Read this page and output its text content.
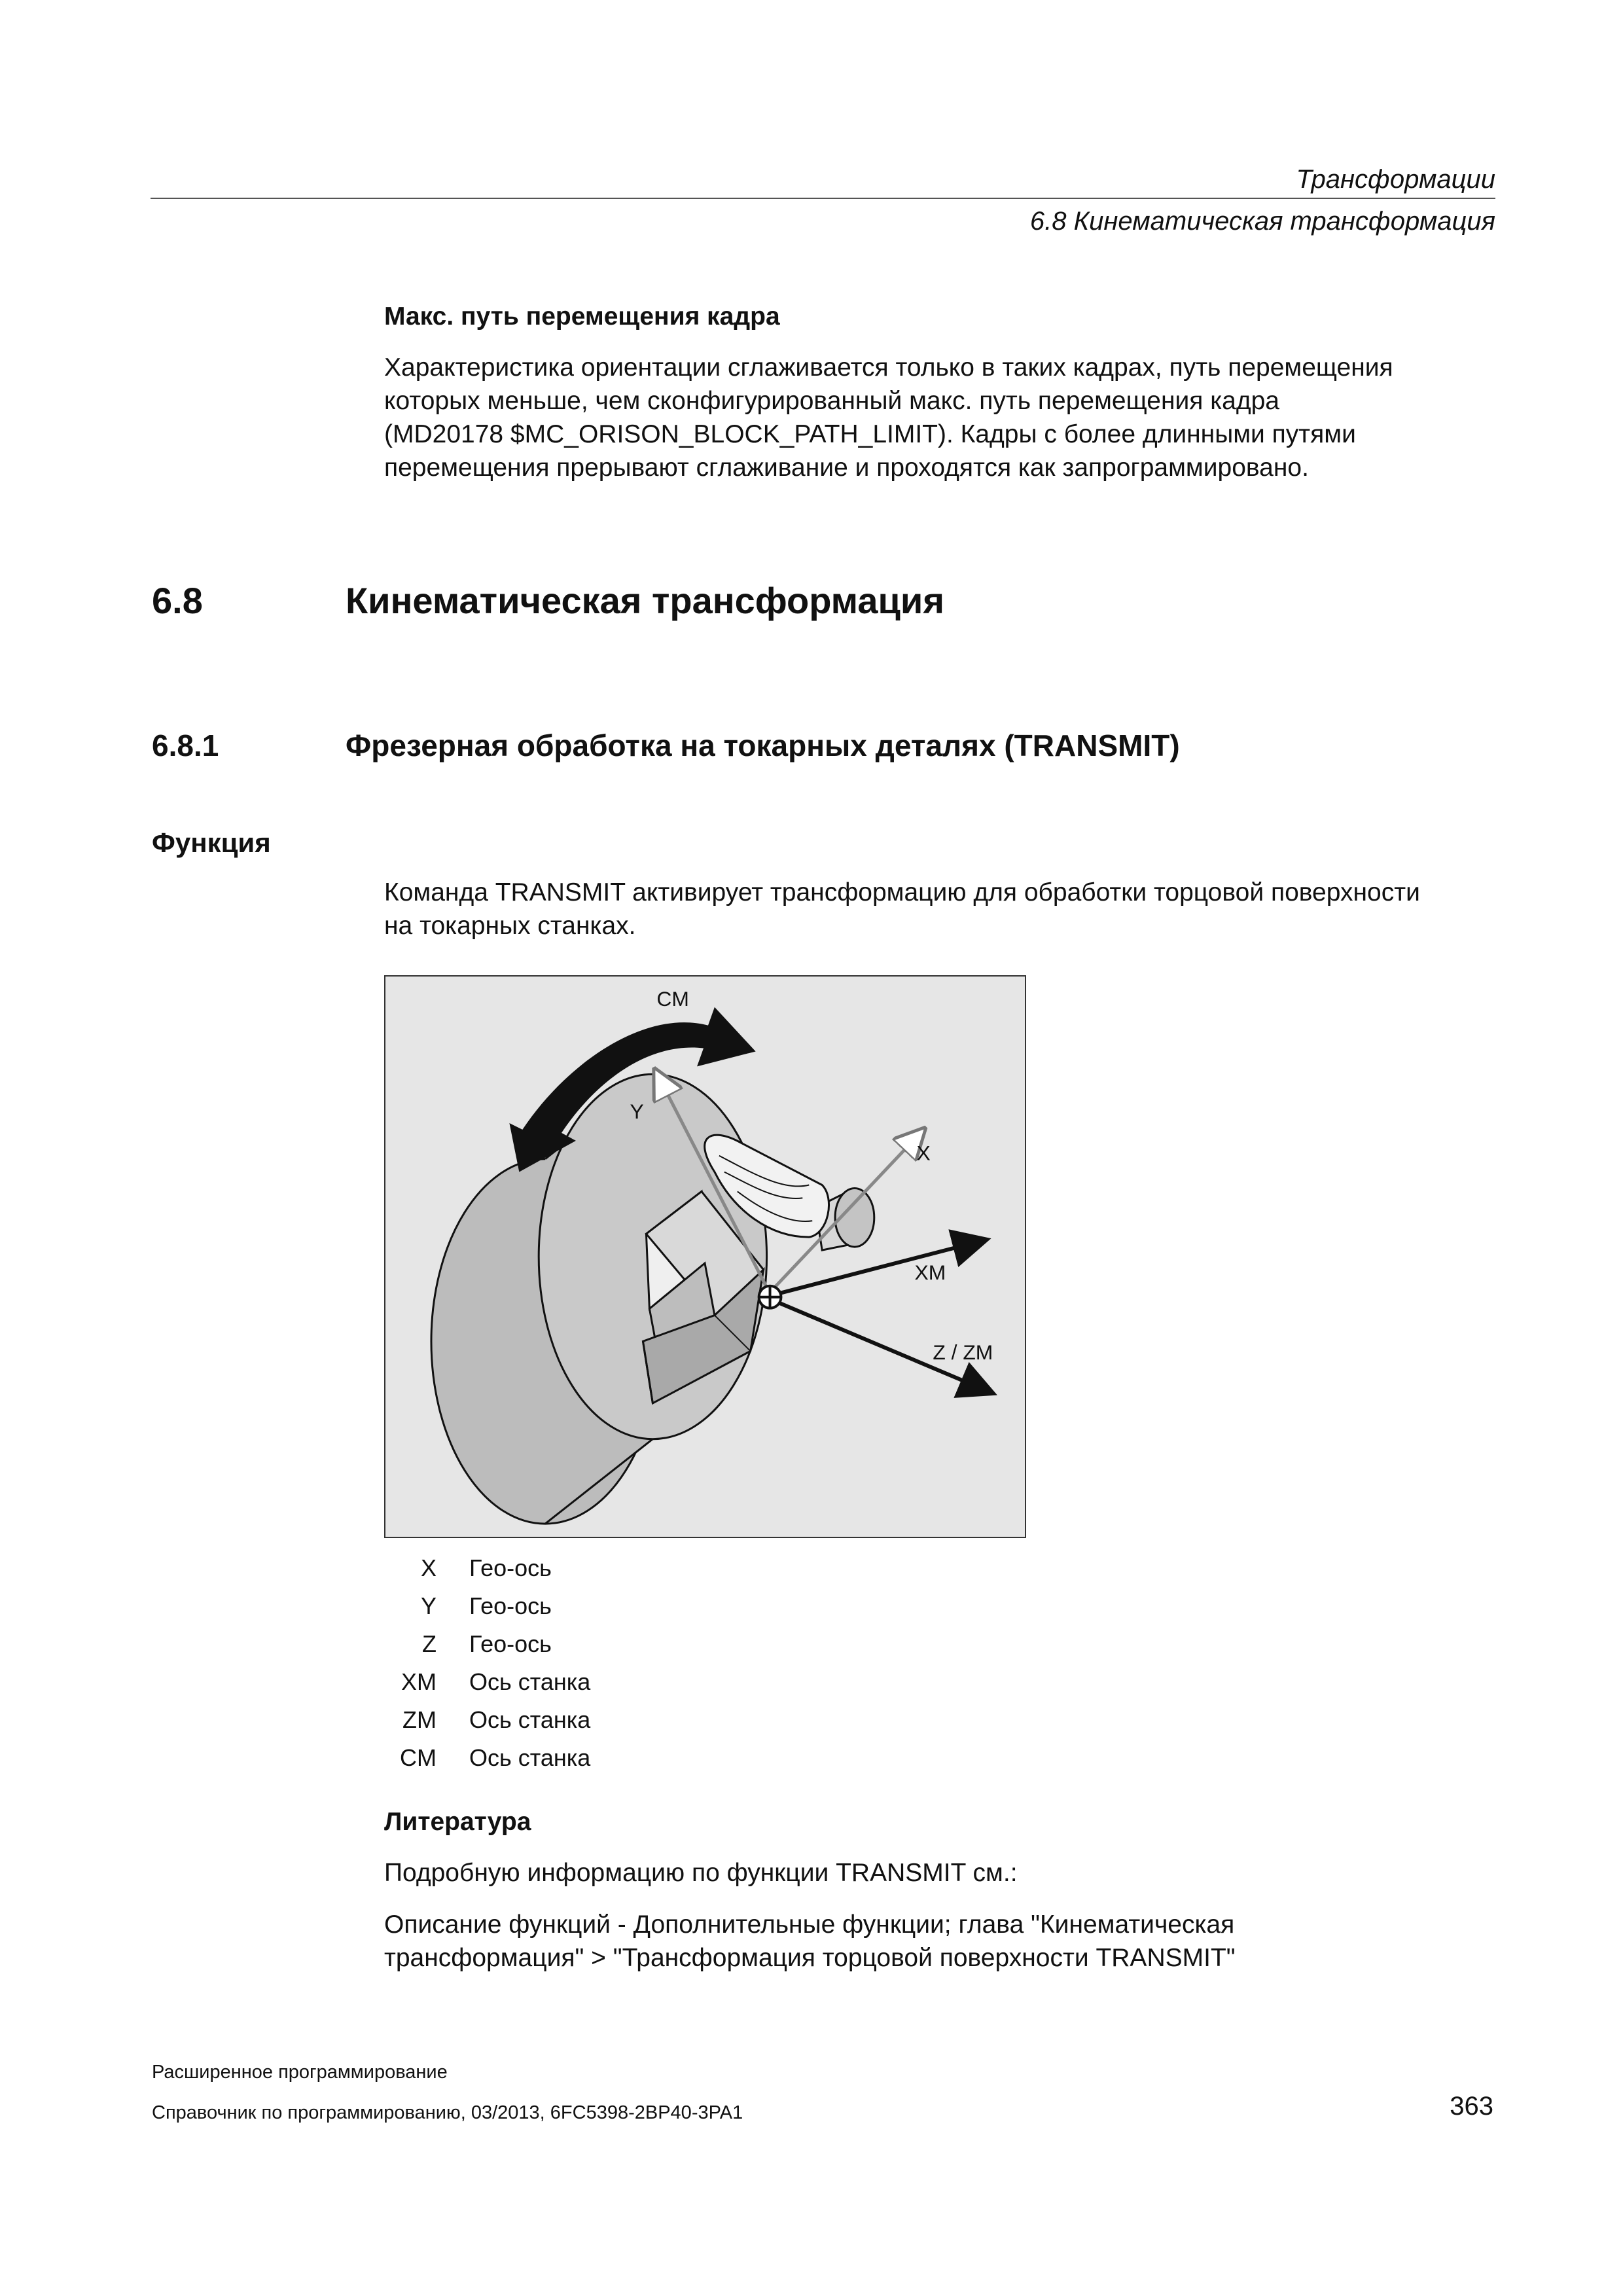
Трансформации
6.8 Кинематическая трансформация
Макс. путь перемещения кадра
Характеристика ориентации сглаживается только в таких кадрах, путь перемещения
которых меньше, чем сконфигурированный макс. путь перемещения кадра
(MD20178 $MC_ORISON_BLOCK_PATH_LIMIT). Кадры с более длинными путями
перемещения прерывают сглаживание и проходятся как запрограммировано.
6.8	Кинематическая трансформация
6.8.1	Фрезерная обработка на токарных деталях (TRANSMIT)
Функция
Команда TRANSMIT активирует трансформацию для обработки торцовой поверхности
на токарных станках.
CM
Y
X
XM
Z / ZM
X Гео-ось
Y Гео-ось
Z Гео-ось
XM Ось станка
ZM Ось станка
CM Ось станка
Литература
Подробную информацию по функции TRANSMIT см.:
Описание функций - Дополнительные функции; глава "Кинематическая
трансформация" > "Трансформация торцовой поверхности TRANSMIT"
Расширенное программирование
Справочник по программированию, 03/2013, 6FC5398-2BP40-3PA1	363
